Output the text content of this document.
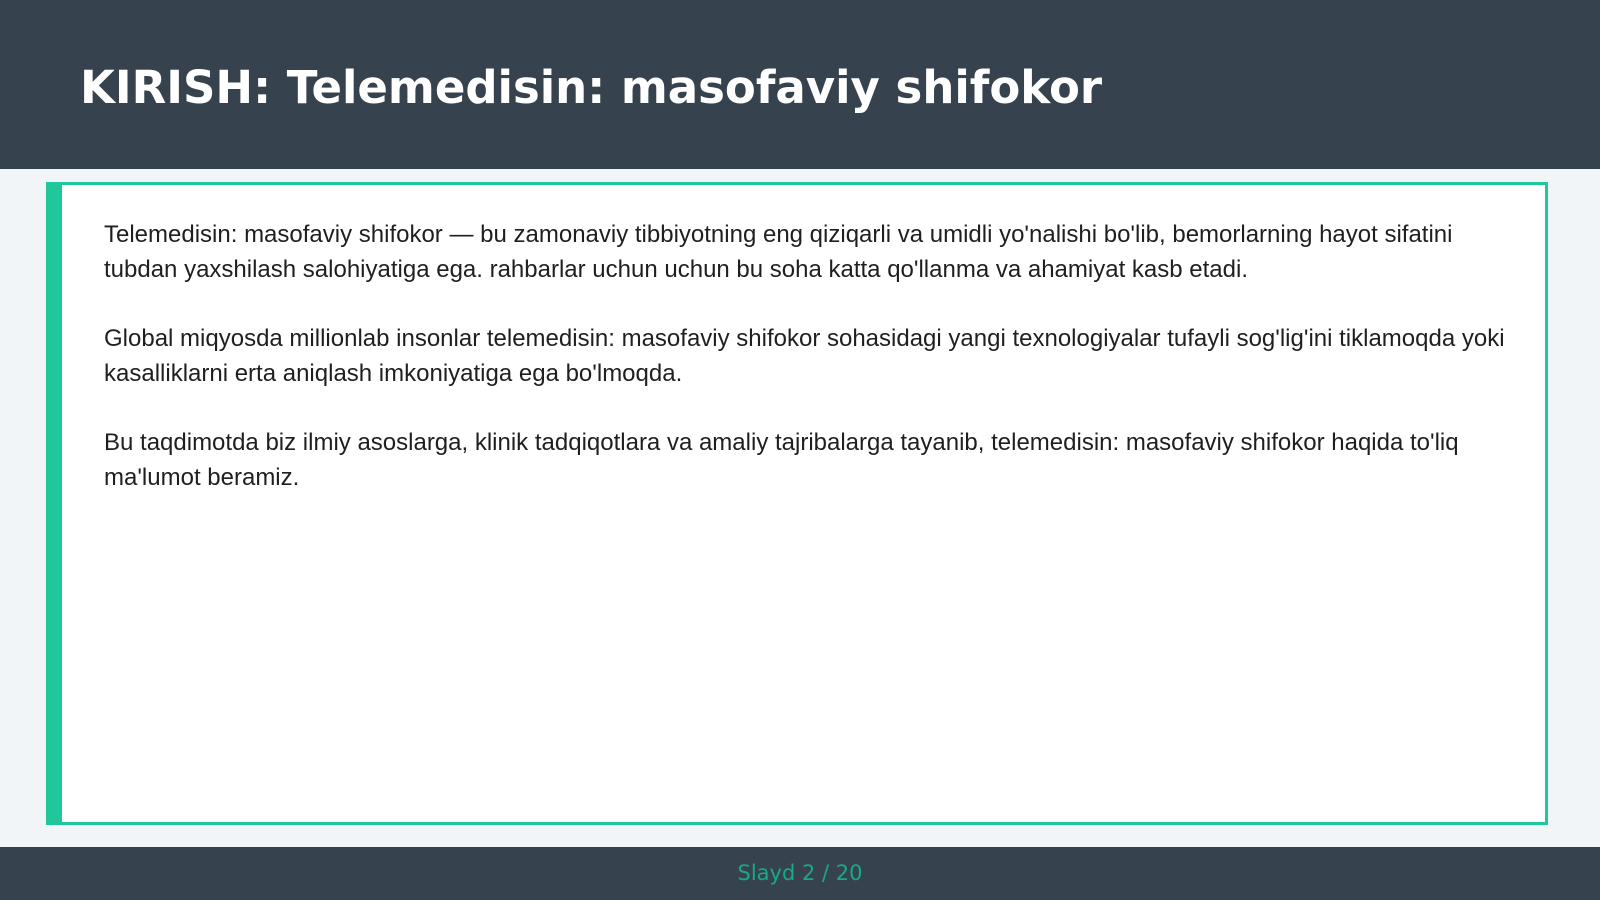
KIRISH: Telemedisin: masofaviy shifokor

Telemedisin: masofaviy shifokor — bu zamonaviy tibbiyotning eng qiziqarli va umidli yo'nalishi bo'lib, bemorlarning hayot sifatini tubdan yaxshilash salohiyatiga ega. rahbarlar uchun uchun bu soha katta qo'llanma va ahamiyat kasb etadi.

Global miqyosda millionlab insonlar telemedisin: masofaviy shifokor sohasidagi yangi texnologiyalar tufayli sog'lig'ini tiklamoqda yoki kasalliklarni erta aniqlash imkoniyatiga ega bo'lmoqda.

Bu taqdimotda biz ilmiy asoslarga, klinik tadqiqotlara va amaliy tajribalarga tayanib, telemedisin: masofaviy shifokor haqida to'liq ma'lumot beramiz.

Slayd 2 / 20
